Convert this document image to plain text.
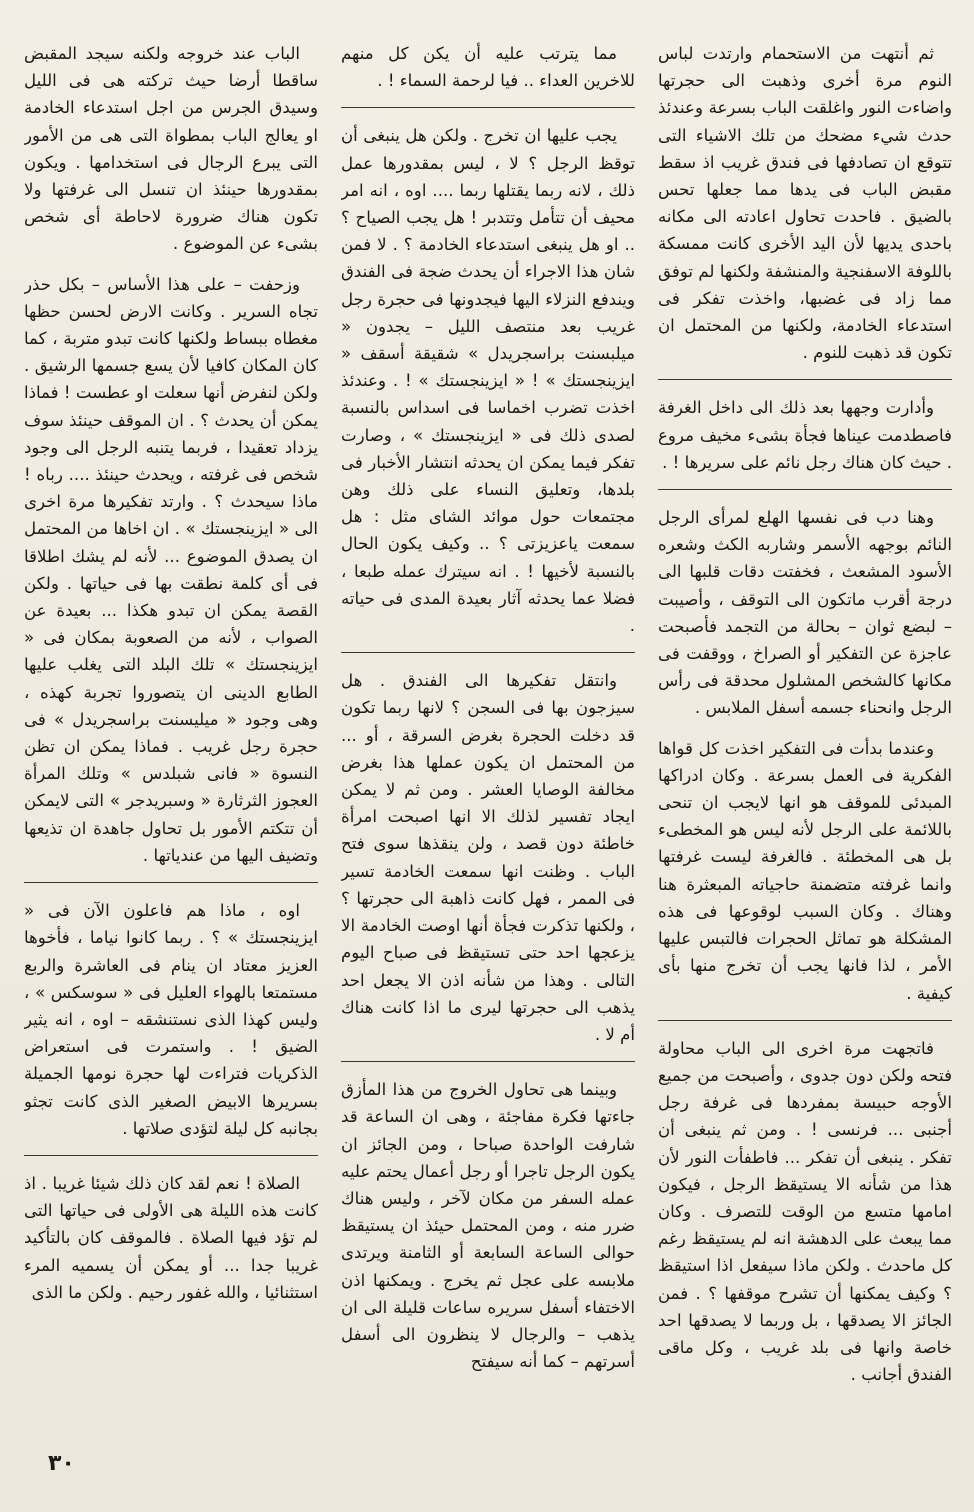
ثم أنتهت من الاستحمام وارتدت لباس النوم مرة أخرى وذهبت الى حجرتها واضاءت النور واغلقت الباب بسرعة وعندئذ حدث شيء مضحك من تلك الاشياء التى تتوقع ان تصادفها فى فندق غريب اذ سقط مقبض الباب فى يدها مما جعلها تحس بالضيق . فاحدت تحاول اعادته الى مكانه باحدى يديها لأن اليد الأخرى كانت ممسكة باللوفة الاسفنجية والمنشفة ولكنها لم توفق مما زاد فى غضبها، واخذت تفكر فى استدعاء الخادمة، ولكنها من المحتمل ان تكون قد ذهبت للنوم .

وأدارت وجهها بعد ذلك الى داخل الغرفة فاصطدمت عيناها فجأة بشىء مخيف مروع . حيث كان هناك رجل نائم على سريرها ! .

وهنا دب فى نفسها الهلع لمرأى الرجل النائم بوجهه الأسمر وشاربه الكث وشعره الأسود المشعث ، فخفتت دقات قلبها الى درجة أقرب ماتكون الى التوقف ، وأصيبت – لبضع ثوان – بحالة من التجمد فأصبحت عاجزة عن التفكير أو الصراخ ، ووقفت فى مكانها كالشخص المشلول محدقة فى رأس الرجل وانحناء جسمه أسفل الملابس .

وعندما بدأت فى التفكير اخذت كل قواها الفكرية فى العمل بسرعة . وكان ادراكها المبدئى للموقف هو انها لايجب ان تنحى باللائمة على الرجل لأنه ليس هو المخطىء بل هى المخطئة . فالغرفة ليست غرفتها وانما غرفته متضمنة حاجياته المبعثرة هنا وهناك . وكان السبب لوقوعها فى هذه المشكلة هو تماثل الحجرات فالتبس عليها الأمر ، لذا فانها يجب أن تخرج منها بأى كيفية .

فاتجهت مرة اخرى الى الباب محاولة فتحه ولكن دون جدوى ، وأصبحت من جميع الأوجه حبيسة بمفردها فى غرفة رجل أجنبى ... فرنسى ! . ومن ثم ينبغى أن تفكر . ينبغى أن تفكر ... فاطفأت النور لأن هذا من شأنه الا يستيقظ الرجل ، فيكون امامها متسع من الوقت للتصرف . وكان مما يبعث على الدهشة انه لم يستيقظ رغم كل ماحدث . ولكن ماذا سيفعل اذا استيقظ ؟ وكيف يمكنها أن تشرح موقفها ؟ . فمن الجائز الا يصدقها ، بل وربما لا يصدقها احد خاصة وانها فى بلد غريب ، وكل ماقى الفندق أجانب .

مما يترتب عليه أن يكن كل منهم للاخرين العداء .. فيا لرحمة السماء ! .

يجب عليها ان تخرج . ولكن هل ينبغى أن توقظ الرجل ؟ لا ، ليس بمقدورها عمل ذلك ، لانه ربما يقتلها ربما .... اوه ، انه امر محيف أن تتأمل وتتدبر ! هل يجب الصياح ؟ .. او هل ينبغى استدعاء الخادمة ؟ . لا فمن شان هذا الاجراء أن يحدث ضجة فى الفندق ويندفع النزلاء اليها فيجدونها فى حجرة رجل غريب بعد منتصف الليل – يجدون « ميلبسنت براسجريدل » شقيقة أسقف « ايزينجستك » ! « ايزينجستك » ! . وعندئذ اخذت تضرب اخماسا فى اسداس بالنسبة لصدى ذلك فى « ايزينجستك » ، وصارت تفكر فيما يمكن ان يحدثه انتشار الأخبار فى بلدها، وتعليق النساء على ذلك وهن مجتمعات حول موائد الشاى مثل : هل سمعت ياعزيزتى ؟ .. وكيف يكون الحال بالنسبة لأخيها ! . انه سيترك عمله طبعا ، فضلا عما يحدثه آثار بعيدة المدى فى حياته .

وانتقل تفكيرها الى الفندق . هل سيزجون بها فى السجن ؟ لانها ربما تكون قد دخلت الحجرة بغرض السرقة ، أو ... من المحتمل ان يكون عملها هذا بغرض مخالفة الوصايا العشر . ومن ثم لا يمكن ايجاد تفسير لذلك الا انها اصبحت امرأة خاطئة دون قصد ، ولن ينقذها سوى فتح الباب . وظنت انها سمعت الخادمة تسير فى الممر ، فهل كانت ذاهبة الى حجرتها ؟ ، ولكنها تذكرت فجأة أنها اوصت الخادمة الا يزعجها احد حتى تستيقظ فى صباح اليوم التالى . وهذا من شأنه اذن الا يجعل احد يذهب الى حجرتها ليرى ما اذا كانت هناك أم لا .

وبينما هى تحاول الخروج من هذا المأزق جاءتها فكرة مفاجئة ، وهى ان الساعة قد شارفت الواحدة صباحا ، ومن الجائز ان يكون الرجل تاجرا أو رجل أعمال يحتم عليه عمله السفر من مكان لآخر ، وليس هناك ضرر منه ، ومن المحتمل حيئذ ان يستيقظ حوالى الساعة السابعة أو الثامنة ويرتدى ملابسه على عجل ثم يخرج . ويمكنها اذن الاختفاء أسفل سريره ساعات قليلة الى ان يذهب – والرجال لا ينظرون الى أسفل أسرتهم – كما أنه سيفتح

الباب عند خروجه ولكنه سيجد المقبض ساقطا أرضا حيث تركته هى فى الليل وسيدق الجرس من اجل استدعاء الخادمة او يعالج الباب بمطواة التى هى من الأمور التى يبرع الرجال فى استخدامها . ويكون بمقدورها حينئذ ان تنسل الى غرفتها ولا تكون هناك ضرورة لاحاطة أى شخص بشىء عن الموضوع .

وزحفت – على هذا الأساس – بكل حذر تجاه السرير . وكانت الارض لحسن حظها مغطاه ببساط ولكنها كانت تبدو متربة ، كما كان المكان كافيا لأن يسع جسمها الرشيق . ولكن لنفرض أنها سعلت او عطست ! فماذا يمكن أن يحدث ؟ . ان الموقف حينئذ سوف يزداد تعقيدا ، فربما يتنبه الرجل الى وجود شخص فى غرفته ، ويحدث حينئذ .... رباه ! ماذا سيحدث ؟ . وارتد تفكيرها مرة اخرى الى « ايزينجستك » . ان اخاها من المحتمل ان يصدق الموضوع ... لأنه لم يشك اطلاقا فى أى كلمة نطقت بها فى حياتها . ولكن القصة يمكن ان تبدو هكذا ... بعيدة عن الصواب ، لأنه من الصعوبة بمكان فى « ايزينجستك » تلك البلد التى يغلب عليها الطابع الدينى ان يتصوروا تجربة كهذه ، وهى وجود « ميليسنت براسجريدل » فى حجرة رجل غريب . فماذا يمكن ان تظن النسوة « فانى شبلدس » وتلك المرأة العجوز الثرثارة « وسبريدجر » التى لايمكن أن تتكتم الأمور بل تحاول جاهدة ان تذيعها وتضيف اليها من عندياتها .

اوه ، ماذا هم فاعلون الآن فى « ايزينجستك » ؟ . ربما كانوا نياما ، فأخوها العزيز معتاد ان ينام فى العاشرة والربع مستمتعا بالهواء العليل فى « سوسكس » ، وليس كهذا الذى نستنشقه – اوه ، انه يثير الضيق ! . واستمرت فى استعراض الذكريات فتراءت لها حجرة نومها الجميلة بسريرها الابيض الصغير الذى كانت تجثو بجانبه كل ليلة لتؤدى صلاتها .

الصلاة ! نعم لقد كان ذلك شيئا غريبا . اذ كانت هذه الليلة هى الأولى فى حياتها التى لم تؤد فيها الصلاة . فالموقف كان بالتأكيد غريبا جدا ... أو يمكن أن يسميه المرء استثنائيا ، والله غفور رحيم . ولكن ما الذى

٣٠
